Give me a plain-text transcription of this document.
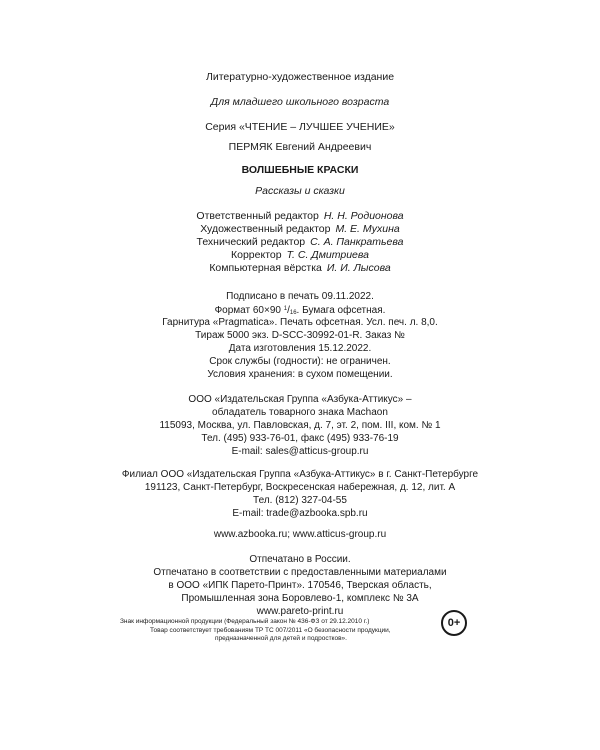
Литературно-художественное издание
Для младшего школьного возраста
Серия «ЧТЕНИЕ – ЛУЧШЕЕ УЧЕНИЕ»
ПЕРМЯК Евгений Андреевич
ВОЛШЕБНЫЕ КРАСКИ
Рассказы и сказки
Ответственный редактор Н. Н. Родионова
Художественный редактор М. Е. Мухина
Технический редактор С. А. Панкратьева
Корректор Т. С. Дмитриева
Компьютерная вёрстка И. И. Лысова
Подписано в печать 09.11.2022.
Формат 60×90 $^1/_{16}$. Бумага офсетная.
Гарнитура «Pragmatica». Печать офсетная. Усл. печ. л. 8,0.
Тираж 5000 экз. D-SCC-30992-01-R. Заказ №
Дата изготовления 15.12.2022.
Срок службы (годности): не ограничен.
Условия хранения: в сухом помещении.
ООО «Издательская Группа «Азбука-Аттикус» –
обладатель товарного знака Machaon
115093, Москва, ул. Павловская, д. 7, эт. 2, пом. III, ком. № 1
Тел. (495) 933-76-01, факс (495) 933-76-19
E-mail: sales@atticus-group.ru
Филиал ООО «Издательская Группа «Азбука-Аттикус» в г. Санкт-Петербурге
191123, Санкт-Петербург, Воскресенская набережная, д. 12, лит. А
Тел. (812) 327-04-55
E-mail: trade@azbooka.spb.ru
www.azbooka.ru; www.atticus-group.ru
Отпечатано в России.
Отпечатано в соответствии с предоставленными материалами
в ООО «ИПК Парето-Принт». 170546, Тверская область,
Промышленная зона Боровлево-1, комплекс № 3А
www.pareto-print.ru
Знак информационной продукции (Федеральный закон № 436-ФЗ от 29.12.2010 г.)
Товар соответствует требованиям ТР ТС 007/2011 «О безопасности продукции,
предназначенной для детей и подростков».
0+
